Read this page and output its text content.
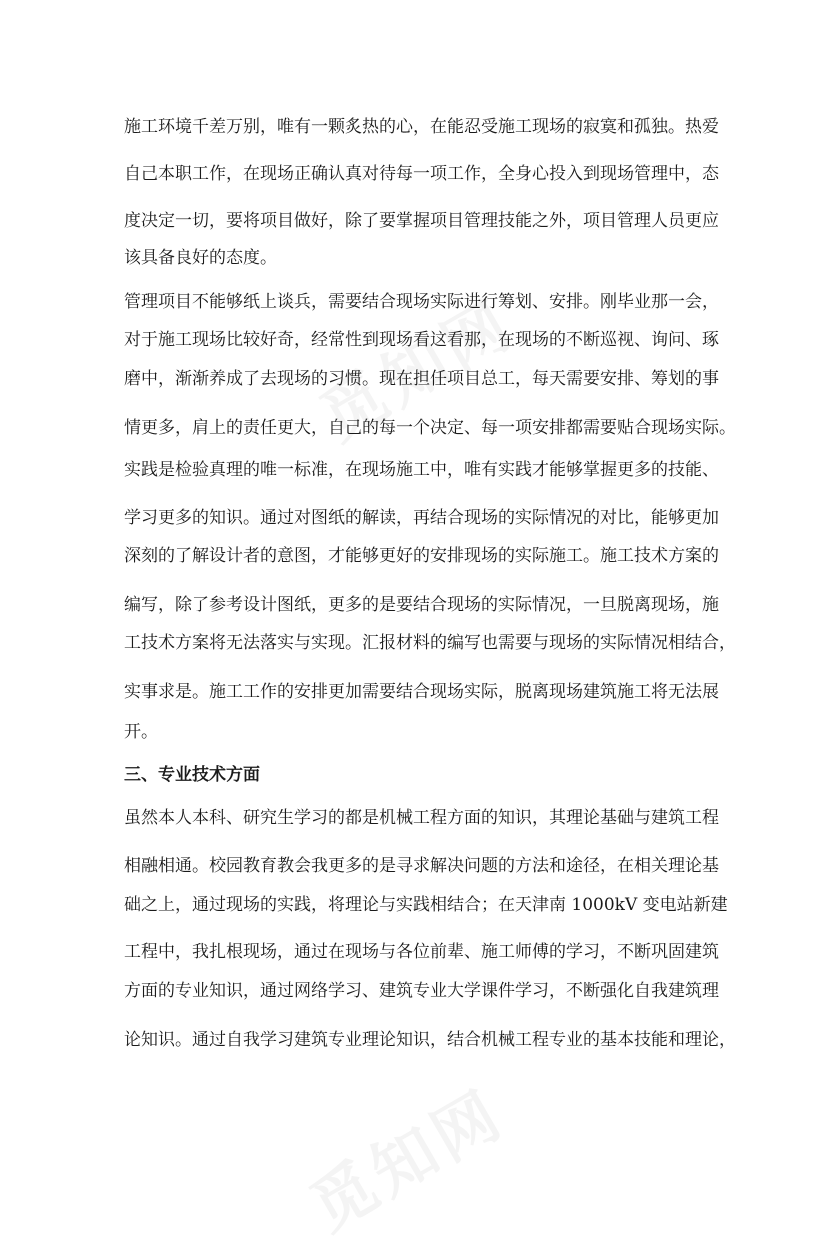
施工环境千差万别，唯有一颗炙热的心，在能忍受施工现场的寂寞和孤独。热爱
自己本职工作，在现场正确认真对待每一项工作，全身心投入到现场管理中，态
度决定一切，要将项目做好，除了要掌握项目管理技能之外，项目管理人员更应
该具备良好的态度。
管理项目不能够纸上谈兵，需要结合现场实际进行筹划、安排。刚毕业那一会，
对于施工现场比较好奇，经常性到现场看这看那，在现场的不断巡视、询问、琢
磨中，渐渐养成了去现场的习惯。现在担任项目总工，每天需要安排、筹划的事
情更多，肩上的责任更大，自己的每一个决定、每一项安排都需要贴合现场实际。
实践是检验真理的唯一标准，在现场施工中，唯有实践才能够掌握更多的技能、
学习更多的知识。通过对图纸的解读，再结合现场的实际情况的对比，能够更加
深刻的了解设计者的意图，才能够更好的安排现场的实际施工。施工技术方案的
编写，除了参考设计图纸，更多的是要结合现场的实际情况，一旦脱离现场，施
工技术方案将无法落实与实现。汇报材料的编写也需要与现场的实际情况相结合，
实事求是。施工工作的安排更加需要结合现场实际，脱离现场建筑施工将无法展
开。
三、专业技术方面
虽然本人本科、研究生学习的都是机械工程方面的知识，其理论基础与建筑工程
相融相通。校园教育教会我更多的是寻求解决问题的方法和途径，在相关理论基
础之上，通过现场的实践，将理论与实践相结合；在天津南 1000kV 变电站新建
工程中，我扎根现场，通过在现场与各位前辈、施工师傅的学习，不断巩固建筑
方面的专业知识，通过网络学习、建筑专业大学课件学习，不断强化自我建筑理
论知识。通过自我学习建筑专业理论知识，结合机械工程专业的基本技能和理论，
